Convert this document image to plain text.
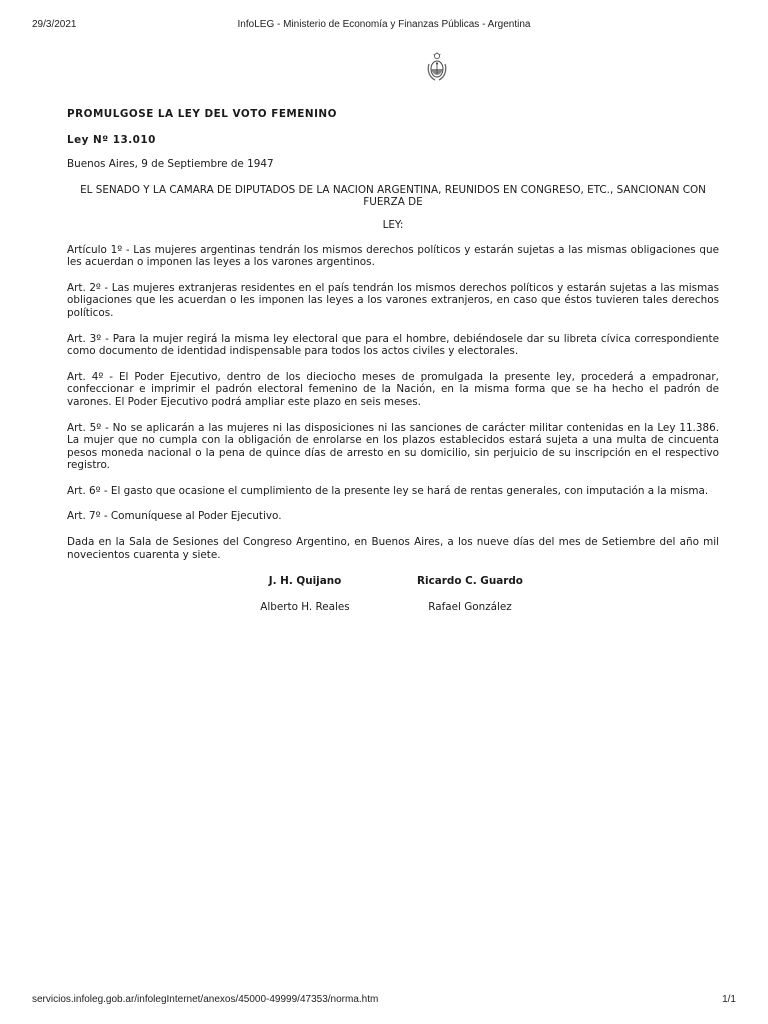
29/3/2021	InfoLEG - Ministerio de Economía y Finanzas Públicas - Argentina

PROMULGOSE LA LEY DEL VOTO FEMENINO

Ley Nº 13.010

Buenos Aires, 9 de Septiembre de 1947

EL SENADO Y LA CAMARA DE DIPUTADOS DE LA NACION ARGENTINA, REUNIDOS EN CONGRESO, ETC., SANCIONAN CON FUERZA DE

LEY:

Artículo 1º - Las mujeres argentinas tendrán los mismos derechos políticos y estarán sujetas a las mismas obligaciones que les acuerdan o imponen las leyes a los varones argentinos.

Art. 2º - Las mujeres extranjeras residentes en el país tendrán los mismos derechos políticos y estarán sujetas a las mismas obligaciones que les acuerdan o les imponen las leyes a los varones extranjeros, en caso que éstos tuvieren tales derechos políticos.

Art. 3º - Para la mujer regirá la misma ley electoral que para el hombre, debiéndosele dar su libreta cívica correspondiente como documento de identidad indispensable para todos los actos civiles y electorales.

Art. 4º - El Poder Ejecutivo, dentro de los dieciocho meses de promulgada la presente ley, procederá a empadronar, confeccionar e imprimir el padrón electoral femenino de la Nación, en la misma forma que se ha hecho el padrón de varones. El Poder Ejecutivo podrá ampliar este plazo en seis meses.

Art. 5º - No se aplicarán a las mujeres ni las disposiciones ni las sanciones de carácter militar contenidas en la Ley 11.386. La mujer que no cumpla con la obligación de enrolarse en los plazos establecidos estará sujeta a una multa de cincuenta pesos moneda nacional o la pena de quince días de arresto en su domicilio, sin perjuicio de su inscripción en el respectivo registro.

Art. 6º - El gasto que ocasione el cumplimiento de la presente ley se hará de rentas generales, con imputación a la misma.

Art. 7º - Comuníquese al Poder Ejecutivo.

Dada en la Sala de Sesiones del Congreso Argentino, en Buenos Aires, a los nueve días del mes de Setiembre del año mil novecientos cuarenta y siete.

J. H. Quijano	Ricardo C. Guardo
Alberto H. Reales	Rafael González
servicios.infoleg.gob.ar/infolegInternet/anexos/45000-49999/47353/norma.htm	1/1
